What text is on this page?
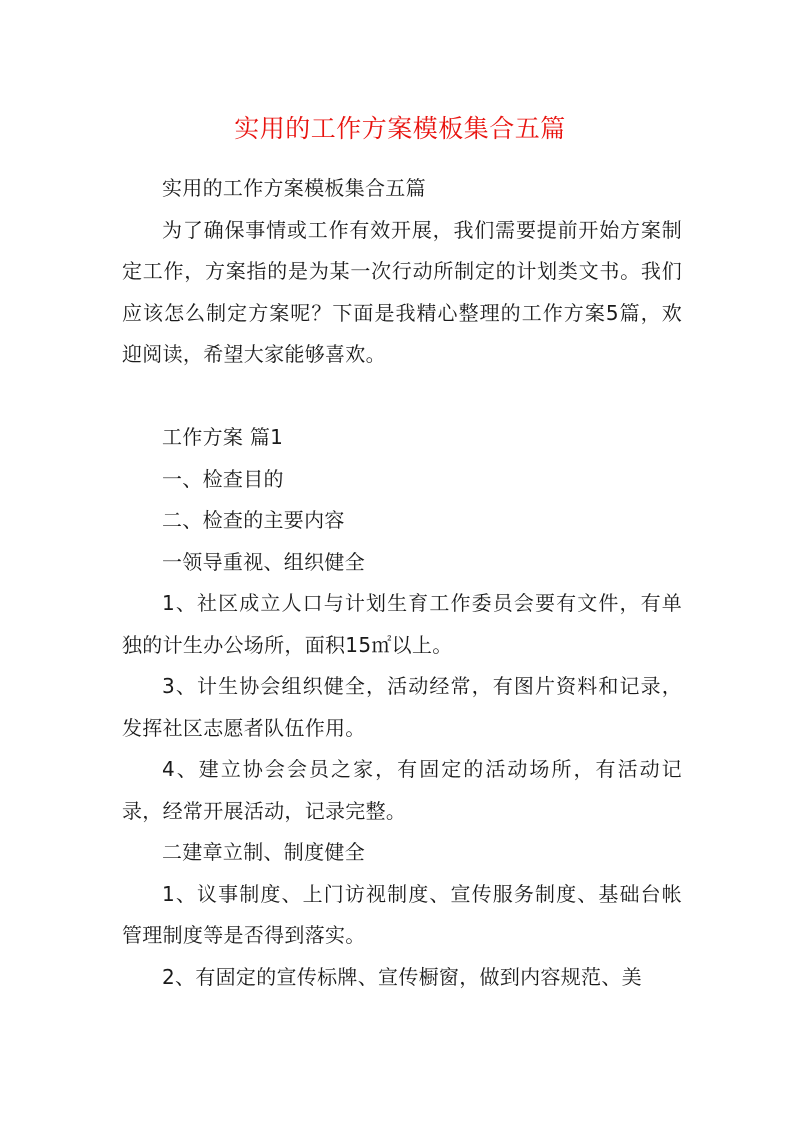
实用的工作方案模板集合五篇

实用的工作方案模板集合五篇

为了确保事情或工作有效开展，我们需要提前开始方案制定工作，方案指的是为某一次行动所制定的计划类文书。我们应该怎么制定方案呢？下面是我精心整理的工作方案5篇，欢迎阅读，希望大家能够喜欢。

工作方案 篇1

一、检查目的

二、检查的主要内容

一领导重视、组织健全

1、社区成立人口与计划生育工作委员会要有文件，有单独的计生办公场所，面积15㎡以上。

3、计生协会组织健全，活动经常，有图片资料和记录，发挥社区志愿者队伍作用。

4、建立协会会员之家，有固定的活动场所，有活动记录，经常开展活动，记录完整。

二建章立制、制度健全

1、议事制度、上门访视制度、宣传服务制度、基础台帐管理制度等是否得到落实。

2、有固定的宣传标牌、宣传橱窗，做到内容规范、美
